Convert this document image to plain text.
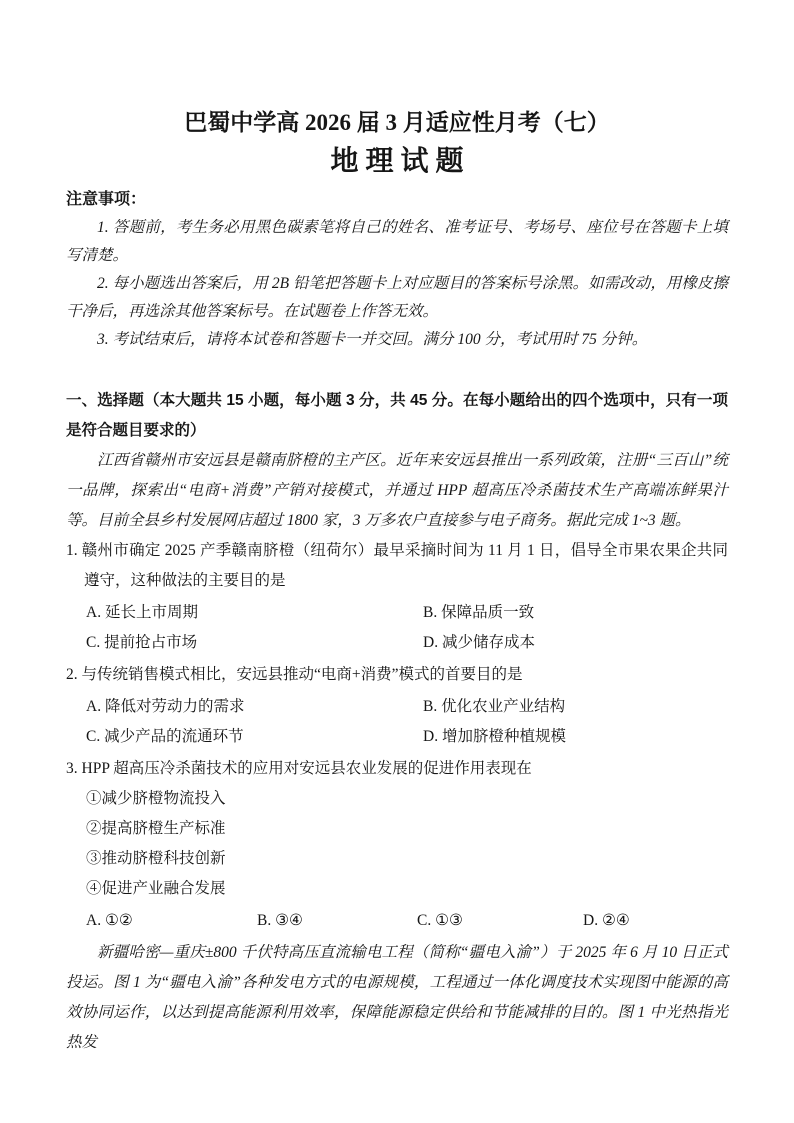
巴蜀中学高 2026 届 3 月适应性月考（七）
地 理 试 题
注意事项：

1. 答题前，考生务必用黑色碳素笔将自己的姓名、准考证号、考场号、座位号在答题卡上填写清楚。

2. 每小题选出答案后，用 2B 铅笔把答题卡上对应题目的答案标号涂黑。如需改动，用橡皮擦干净后，再选涂其他答案标号。在试题卷上作答无效。

3. 考试结束后，请将本试卷和答题卡一并交回。满分 100 分，考试用时 75 分钟。

一、选择题（本大题共 15 小题，每小题 3 分，共 45 分。在每小题给出的四个选项中，只有一项是符合题目要求的）

江西省赣州市安远县是赣南脐橙的主产区。近年来安远县推出一系列政策，注册“三百山”统一品牌，探索出“电商+消费”产销对接模式，并通过 HPP 超高压冷杀菌技术生产高端冻鲜果汁等。目前全县乡村发展网店超过 1800 家，3 万多农户直接参与电子商务。据此完成 1~3 题。

1. 赣州市确定 2025 产季赣南脐橙（纽荷尔）最早采摘时间为 11 月 1 日，倡导全市果农果企共同遵守，这种做法的主要目的是

A. 延长上市周期	B. 保障品质一致
C. 提前抢占市场	D. 减少储存成本

2. 与传统销售模式相比，安远县推动“电商+消费”模式的首要目的是

A. 降低对劳动力的需求	B. 优化农业产业结构
C. 减少产品的流通环节	D. 增加脐橙种植规模

3. HPP 超高压冷杀菌技术的应用对安远县农业发展的促进作用表现在

①减少脐橙物流投入
②提高脐橙生产标准
③推动脐橙科技创新
④促进产业融合发展
A. ①②	B. ③④	C. ①③	D. ②④

新疆哈密—重庆±800 千伏特高压直流输电工程（简称“疆电入渝”）于 2025 年 6 月 10 日正式投运。图 1 为“疆电入渝”各种发电方式的电源规模，工程通过一体化调度技术实现图中能源的高效协同运作，以达到提高能源利用效率，保障能源稳定供给和节能减排的目的。图 1 中光热指光热发
